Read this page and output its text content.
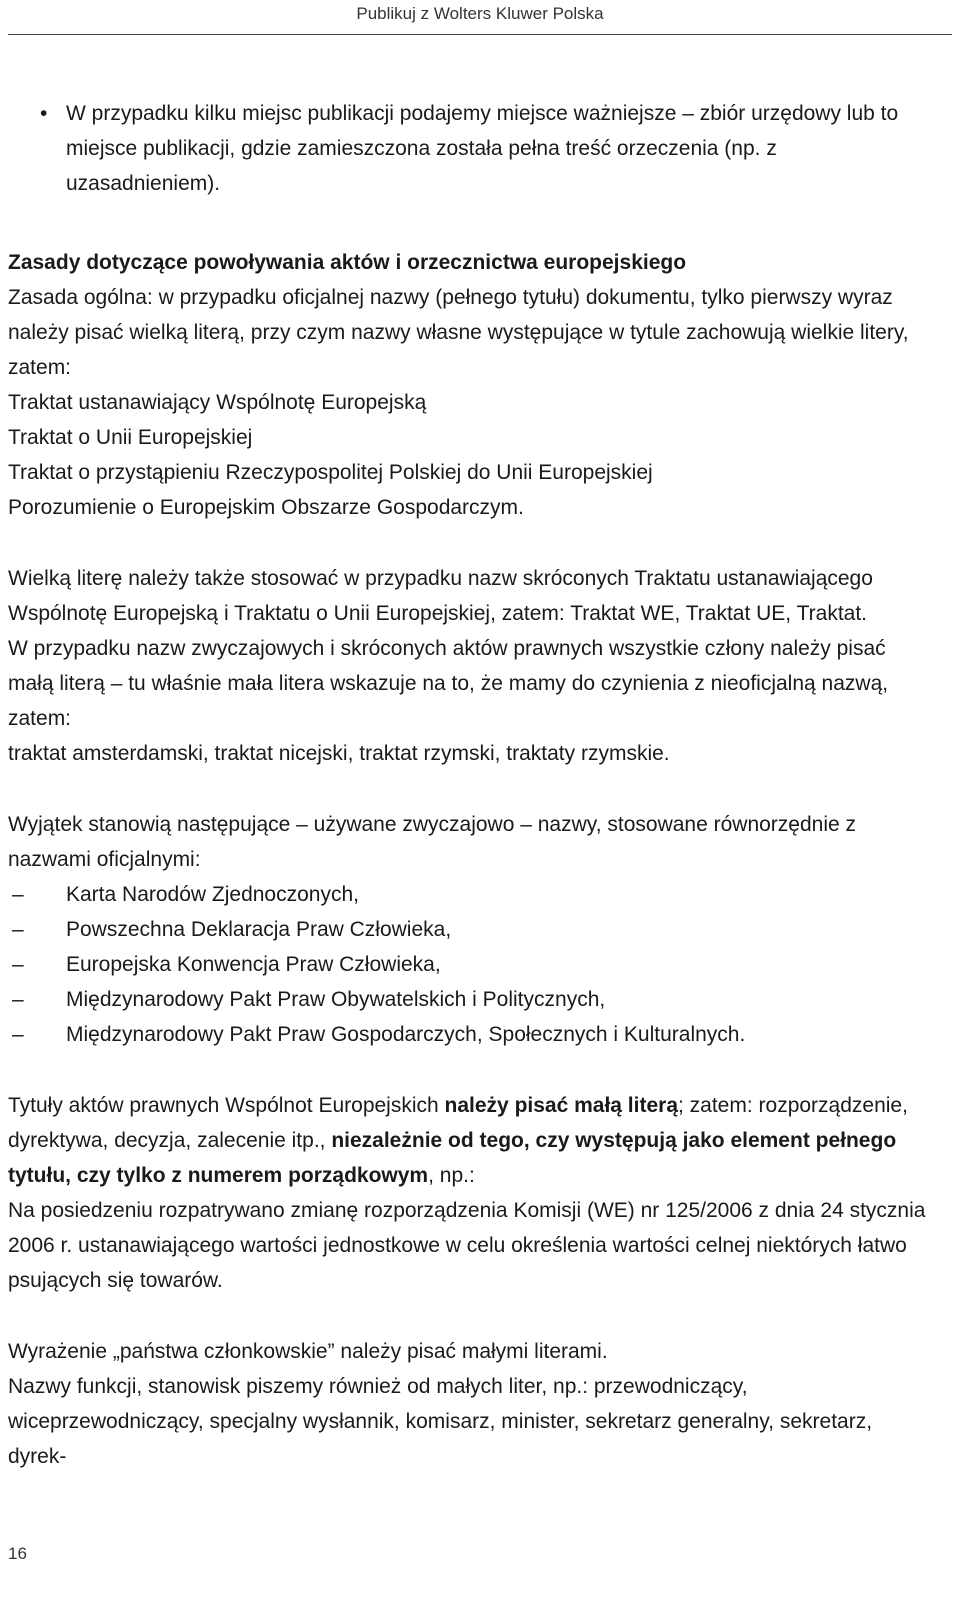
Publikuj z Wolters Kluwer Polska
• W przypadku kilku miejsc publikacji podajemy miejsce ważniejsze – zbiór urzędowy lub to miejsce publikacji, gdzie zamieszczona została pełna treść orzeczenia (np. z uzasadnieniem).

Zasady dotyczące powoływania aktów i orzecznictwa europejskiego

Zasada ogólna: w przypadku oficjalnej nazwy (pełnego tytułu) dokumentu, tylko pierwszy wyraz należy pisać wielką literą, przy czym nazwy własne występujące w tytule zachowują wielkie litery, zatem:

Traktat ustanawiający Wspólnotę Europejską
Traktat o Unii Europejskiej
Traktat o przystąpieniu Rzeczypospolitej Polskiej do Unii Europejskiej
Porozumienie o Europejskim Obszarze Gospodarczym.

Wielką literę należy także stosować w przypadku nazw skróconych Traktatu ustanawiającego Wspólnotę Europejską i Traktatu o Unii Europejskiej, zatem: Traktat WE, Traktat UE, Traktat.

W przypadku nazw zwyczajowych i skróconych aktów prawnych wszystkie człony należy pisać małą literą – tu właśnie mała litera wskazuje na to, że mamy do czynienia z nieoficjalną nazwą, zatem:

traktat amsterdamski, traktat nicejski, traktat rzymski, traktaty rzymskie.

Wyjątek stanowią następujące – używane zwyczajowo – nazwy, stosowane równorzędnie z nazwami oficjalnymi:

– Karta Narodów Zjednoczonych,
– Powszechna Deklaracja Praw Człowieka,
– Europejska Konwencja Praw Człowieka,
– Międzynarodowy Pakt Praw Obywatelskich i Politycznych,
– Międzynarodowy Pakt Praw Gospodarczych, Społecznych i Kulturalnych.

Tytuły aktów prawnych Wspólnot Europejskich należy pisać małą literą; zatem: rozporządzenie, dyrektywa, decyzja, zalecenie itp., niezależnie od tego, czy występują jako element pełnego tytułu, czy tylko z numerem porządkowym, np.:

Na posiedzeniu rozpatrywano zmianę rozporządzenia Komisji (WE) nr 125/2006 z dnia 24 stycznia 2006 r. ustanawiającego wartości jednostkowe w celu określenia wartości celnej niektórych łatwo psujących się towarów.

Wyrażenie „państwa członkowskie” należy pisać małymi literami.

Nazwy funkcji, stanowisk piszemy również od małych liter, np.: przewodniczący, wiceprzewodniczący, specjalny wysłannik, komisarz, minister, sekretarz generalny, sekretarz, dyrek-

16
